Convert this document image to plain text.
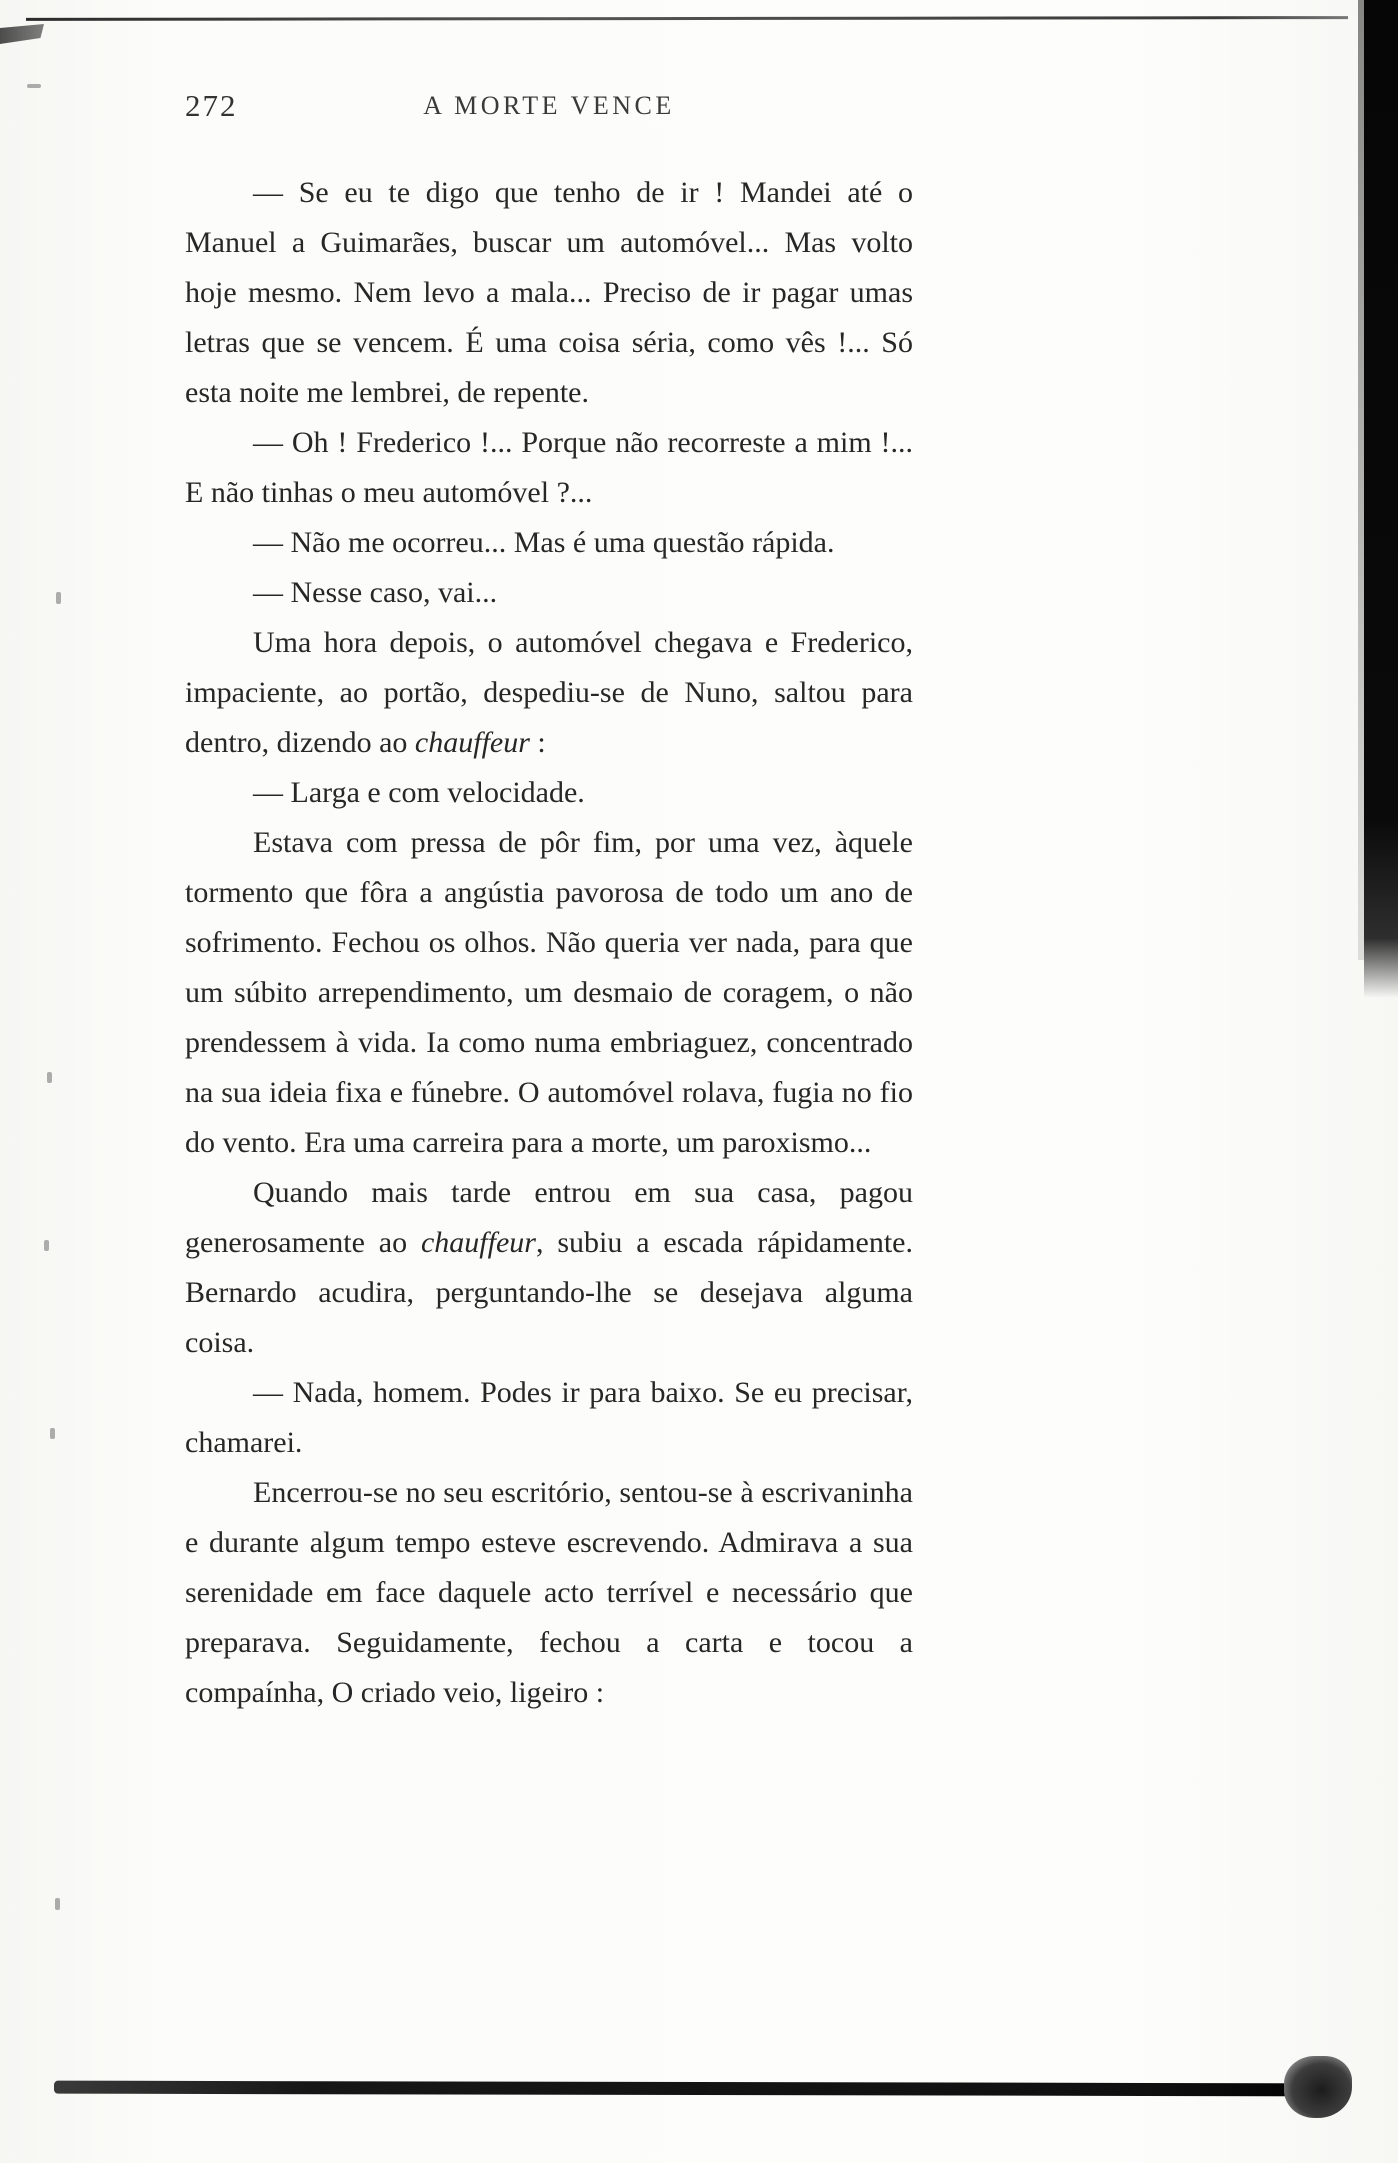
272	A MORTE VENCE

— Se eu te digo que tenho de ir ! Mandei até o Manuel a Guimarães, buscar um automóvel... Mas volto hoje mesmo. Nem levo a mala... Preciso de ir pagar umas letras que se vencem. É uma coisa séria, como vês !... Só esta noite me lembrei, de repente.

— Oh ! Frederico !... Porque não recorreste a mim !... E não tinhas o meu automóvel ?...

— Não me ocorreu... Mas é uma questão rápida.

— Nesse caso, vai...

Uma hora depois, o automóvel chegava e Frederico, impaciente, ao portão, despediu-se de Nuno, saltou para dentro, dizendo ao chauffeur :

— Larga e com velocidade.

Estava com pressa de pôr fim, por uma vez, àquele tormento que fôra a angústia pavorosa de todo um ano de sofrimento. Fechou os olhos. Não queria ver nada, para que um súbito arrependimento, um desmaio de coragem, o não prendessem à vida. Ia como numa embriaguez, concentrado na sua ideia fixa e fúnebre. O automóvel rolava, fugia no fio do vento. Era uma carreira para a morte, um paroxismo...

Quando mais tarde entrou em sua casa, pagou generosamente ao chauffeur, subiu a escada rápidamente. Bernardo acudira, perguntando-lhe se desejava alguma coisa.

— Nada, homem. Podes ir para baixo. Se eu precisar, chamarei.

Encerrou-se no seu escritório, sentou-se à escrivaninha e durante algum tempo esteve escrevendo. Admirava a sua serenidade em face daquele acto terrível e necessário que preparava. Seguidamente, fechou a carta e tocou a compaínha, O criado veio, ligeiro :
